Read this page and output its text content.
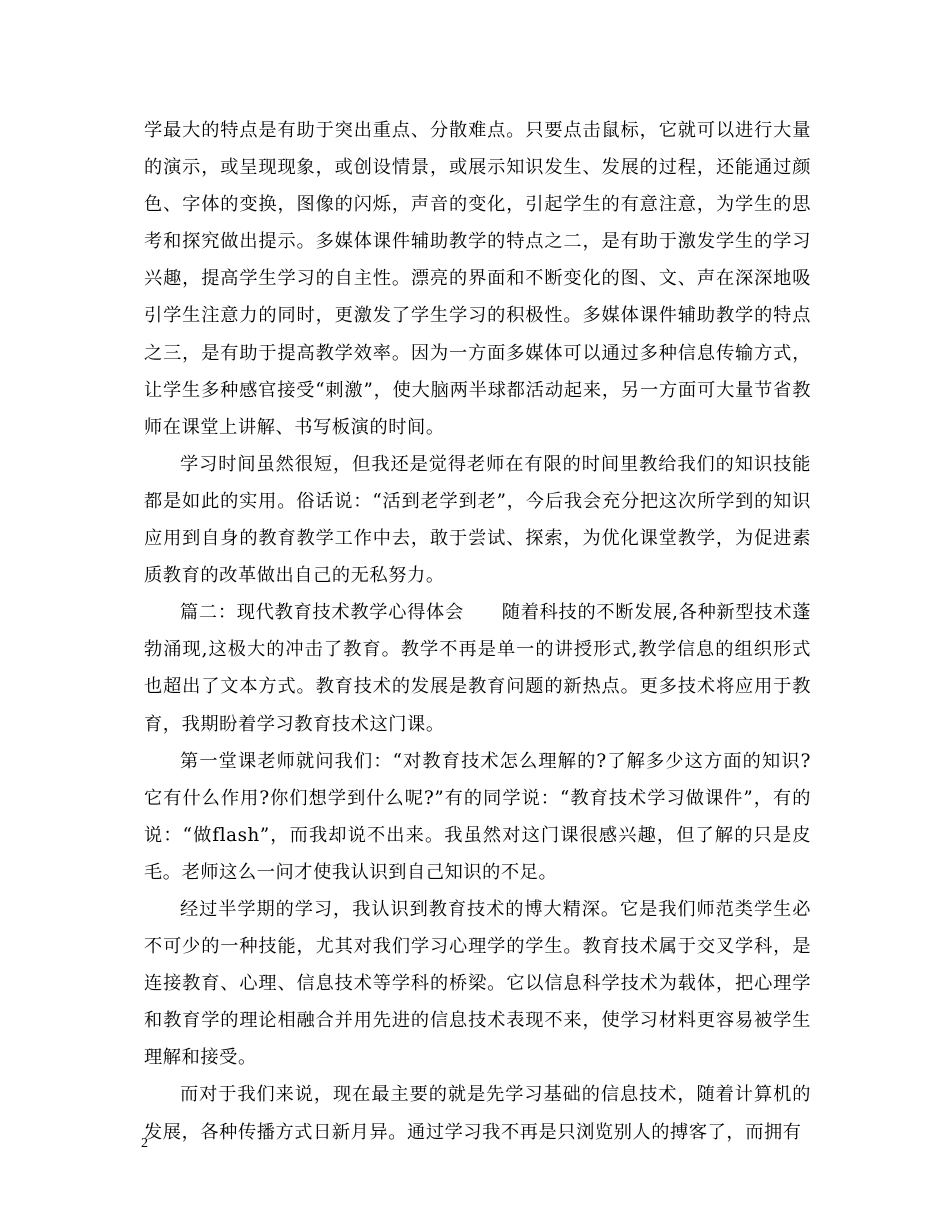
学最大的特点是有助于突出重点、分散难点。只要点击鼠标，它就可以进行大量的演示，或呈现现象，或创设情景，或展示知识发生、发展的过程，还能通过颜色、字体的变换，图像的闪烁，声音的变化，引起学生的有意注意，为学生的思考和探究做出提示。多媒体课件辅助教学的特点之二，是有助于激发学生的学习兴趣，提高学生学习的自主性。漂亮的界面和不断变化的图、文、声在深深地吸引学生注意力的同时，更激发了学生学习的积极性。多媒体课件辅助教学的特点之三，是有助于提高教学效率。因为一方面多媒体可以通过多种信息传输方式，让学生多种感官接受“刺激”，使大脑两半球都活动起来，另一方面可大量节省教师在课堂上讲解、书写板演的时间。

学习时间虽然很短，但我还是觉得老师在有限的时间里教给我们的知识技能都是如此的实用。俗话说：“活到老学到老”，今后我会充分把这次所学到的知识应用到自身的教育教学工作中去，敢于尝试、探索，为优化课堂教学，为促进素质教育的改革做出自己的无私努力。

篇二：现代教育技术教学心得体会　　随着科技的不断发展,各种新型技术蓬勃涌现,这极大的冲击了教育。教学不再是单一的讲授形式,教学信息的组织形式也超出了文本方式。教育技术的发展是教育问题的新热点。更多技术将应用于教育，我期盼着学习教育技术这门课。

第一堂课老师就问我们：“对教育技术怎么理解的?了解多少这方面的知识?它有什么作用?你们想学到什么呢?”有的同学说：“教育技术学习做课件”，有的说：“做flash”，而我却说不出来。我虽然对这门课很感兴趣，但了解的只是皮毛。老师这么一问才使我认识到自己知识的不足。

经过半学期的学习，我认识到教育技术的博大精深。它是我们师范类学生必不可少的一种技能，尤其对我们学习心理学的学生。教育技术属于交叉学科，是连接教育、心理、信息技术等学科的桥梁。它以信息科学技术为载体，把心理学和教育学的理论相融合并用先进的信息技术表现不来，使学习材料更容易被学生理解和接受。

而对于我们来说，现在最主要的就是先学习基础的信息技术，随着计算机的发展，各种传播方式日新月异。通过学习我不再是只浏览别人的搏客了，而拥有

2
